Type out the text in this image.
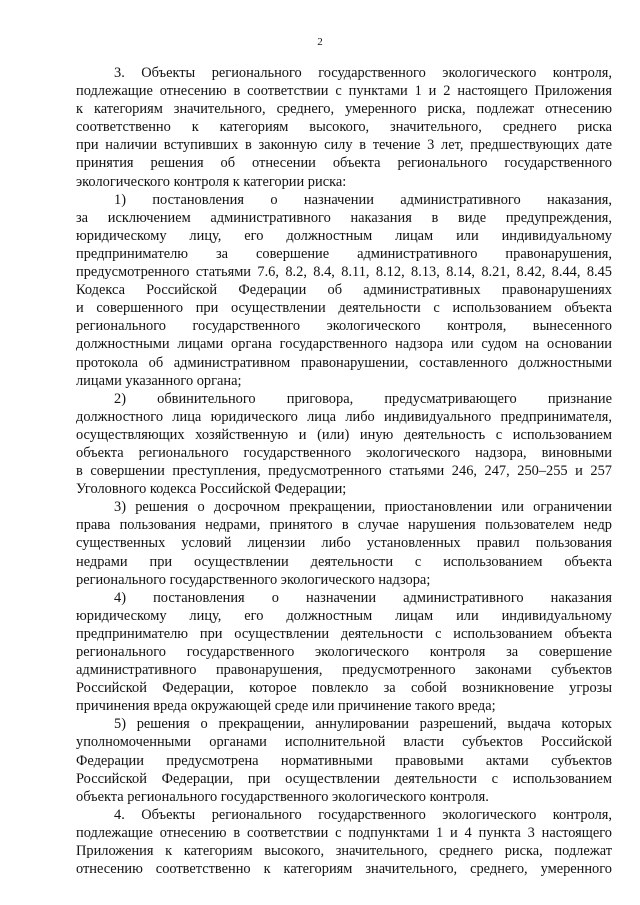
2
3. Объекты регионального государственного экологического контроля,
подлежащие отнесению в соответствии с пунктами 1 и 2 настоящего Приложения
к категориям значительного, среднего, умеренного риска, подлежат отнесению
соответственно к категориям высокого, значительного, среднего риска
при наличии вступивших в законную силу в течение 3 лет, предшествующих дате
принятия решения об отнесении объекта регионального государственного
экологического контроля к категории риска:
1) постановления о назначении административного наказания,
за исключением административного наказания в виде предупреждения,
юридическому лицу, его должностным лицам или индивидуальному
предпринимателю за совершение административного правонарушения,
предусмотренного статьями 7.6, 8.2, 8.4, 8.11, 8.12, 8.13, 8.14, 8.21, 8.42, 8.44, 8.45
Кодекса Российской Федерации об административных правонарушениях
и совершенного при осуществлении деятельности с использованием объекта
регионального государственного экологического контроля, вынесенного
должностными лицами органа государственного надзора или судом на основании
протокола об административном правонарушении, составленного должностными
лицами указанного органа;
2) обвинительного приговора, предусматривающего признание
должностного лица юридического лица либо индивидуального предпринимателя,
осуществляющих хозяйственную и (или) иную деятельность с использованием
объекта регионального государственного экологического надзора, виновными
в совершении преступления, предусмотренного статьями 246, 247, 250–255 и 257
Уголовного кодекса Российской Федерации;
3) решения о досрочном прекращении, приостановлении или ограничении
права пользования недрами, принятого в случае нарушения пользователем недр
существенных условий лицензии либо установленных правил пользования
недрами при осуществлении деятельности с использованием объекта
регионального государственного экологического надзора;
4) постановления о назначении административного наказания
юридическому лицу, его должностным лицам или индивидуальному
предпринимателю при осуществлении деятельности с использованием объекта
регионального государственного экологического контроля за совершение
административного правонарушения, предусмотренного законами субъектов
Российской Федерации, которое повлекло за собой возникновение угрозы
причинения вреда окружающей среде или причинение такого вреда;
5) решения о прекращении, аннулировании разрешений, выдача которых
уполномоченными органами исполнительной власти субъектов Российской
Федерации предусмотрена нормативными правовыми актами субъектов
Российской Федерации, при осуществлении деятельности с использованием
объекта регионального государственного экологического контроля.
4. Объекты регионального государственного экологического контроля,
подлежащие отнесению в соответствии с подпунктами 1 и 4 пункта 3 настоящего
Приложения к категориям высокого, значительного, среднего риска, подлежат
отнесению соответственно к категориям значительного, среднего, умеренного
